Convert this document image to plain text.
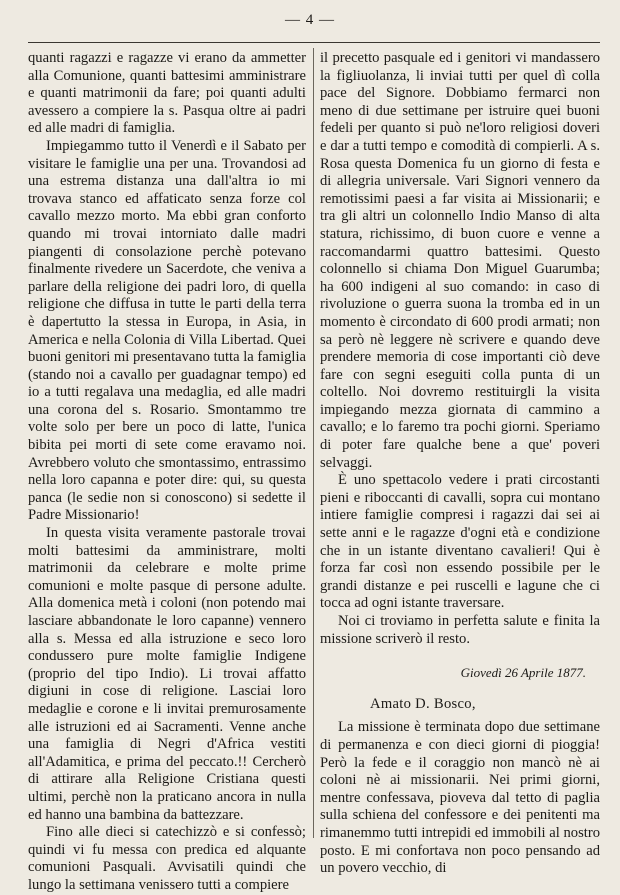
— 4 —

quanti ragazzi e ragazze vi erano da ammetter alla Comunione, quanti battesimi amministrare e quanti matrimonii da fare; poi quanti adulti avessero a compiere la s. Pasqua oltre ai padri ed alle madri di famiglia.

Impiegammo tutto il Venerdì e il Sabato per visitare le famiglie una per una. Trovandosi ad una estrema distanza una dall'altra io mi trovava stanco ed affaticato senza forze col cavallo mezzo morto. Ma ebbi gran conforto quando mi trovai intorniato dalle madri piangenti di consolazione perchè potevano finalmente rivedere un Sacerdote, che veniva a parlare della religione dei padri loro, di quella religione che diffusa in tutte le parti della terra è dapertutto la stessa in Europa, in Asia, in America e nella Colonia di Villa Libertad. Quei buoni genitori mi presentavano tutta la famiglia (stando noi a cavallo per guadagnar tempo) ed io a tutti regalava una medaglia, ed alle madri una corona del s. Rosario. Smontammo tre volte solo per bere un poco di latte, l'unica bibita pei morti di sete come eravamo noi. Avrebbero voluto che smontassimo, entrassimo nella loro capanna e poter dire: qui, su questa panca (le sedie non si conoscono) si sedette il Padre Missionario!

In questa visita veramente pastorale trovai molti battesimi da amministrare, molti matrimonii da celebrare e molte prime comunioni e molte pasque di persone adulte. Alla domenica metà i coloni (non potendo mai lasciare abbandonate le loro capanne) vennero alla s. Messa ed alla istruzione e seco loro condussero pure molte famiglie Indigene (proprio del tipo Indio). Li trovai affatto digiuni in cose di religione. Lasciai loro medaglie e corone e li invitai premurosamente alle istruzioni ed ai Sacramenti. Venne anche una famiglia di Negri d'Africa vestiti all'Adamitica, e prima del peccato.!! Cercherò di attirare alla Religione Cristiana questi ultimi, perchè non la praticano ancora in nulla ed hanno una bambina da battezzare.

Fino alle dieci si catechizzò e si confessò; quindi vi fu messa con predica ed alquante comunioni Pasquali. Avvisatili quindi che lungo la settimana venissero tutti a compiere

il precetto pasquale ed i genitori vi mandassero la figliuolanza, li inviai tutti per quel dì colla pace del Signore. Dobbiamo fermarci non meno di due settimane per istruire quei buoni fedeli per quanto si può ne'loro religiosi doveri e dar a tutti tempo e comodità di compierli. A s. Rosa questa Domenica fu un giorno di festa e di allegria universale. Vari Signori vennero da remotissimi paesi a far visita ai Missionarii; e tra gli altri un colonnello Indio Manso di alta statura, richissimo, di buon cuore e venne a raccomandarmi quattro battesimi. Questo colonnello si chiama Don Miguel Guarumba; ha 600 indigeni al suo comando: in caso di rivoluzione o guerra suona la tromba ed in un momento è circondato di 600 prodi armati; non sa però nè leggere nè scrivere e quando deve prendere memoria di cose importanti ciò deve fare con segni eseguiti colla punta di un coltello. Noi dovremo restituirgli la visita impiegando mezza giornata di cammino a cavallo; e lo faremo tra pochi giorni. Speriamo di poter fare qualche bene a que' poveri selvaggi.

È uno spettacolo vedere i prati circostanti pieni e riboccanti di cavalli, sopra cui montano intiere famiglie compresi i ragazzi dai sei ai sette anni e le ragazze d'ogni età e condizione che in un istante diventano cavalieri! Qui è forza far così non essendo possibile per le grandi distanze e pei ruscelli e lagune che ci tocca ad ogni istante traversare.

Noi ci troviamo in perfetta salute e finita la missione scriverò il resto.

Giovedì 26 Aprile 1877.

Amato D. Bosco,

La missione è terminata dopo due settimane di permanenza e con dieci giorni di pioggia! Però la fede e il coraggio non mancò nè ai coloni nè ai missionarii. Nei primi giorni, mentre confessava, pioveva dal tetto di paglia sulla schiena del confessore e dei penitenti ma rimanemmo tutti intrepidi ed immobili al nostro posto. E mi confortava non poco pensando ad un povero vecchio, di
